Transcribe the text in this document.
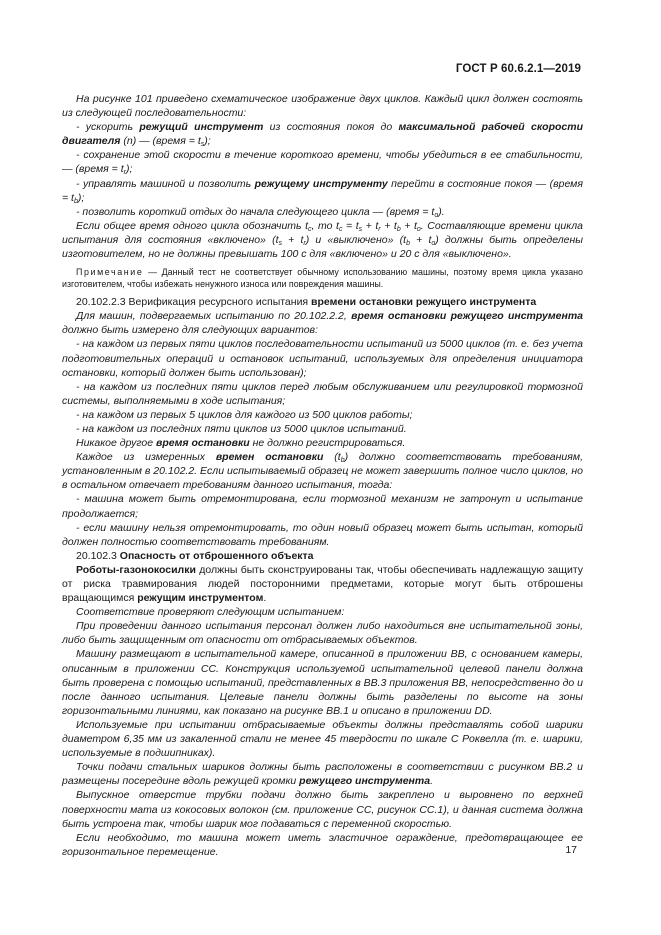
ГОСТ Р 60.6.2.1—2019

На рисунке 101 приведено схематическое изображение двух циклов. Каждый цикл должен состоять из следующей последовательности:

- ускорить режущий инструмент из состояния покоя до максимальной рабочей скорости двигателя (n) — (время = $t_s$);

- сохранение этой скорости в течение короткого времени, чтобы убедиться в ее стабильности, — (время = $t_r$);

- управлять машиной и позволить режущему инструменту перейти в состояние покоя — (время = $t_b$);

- позволить короткий отдых до начала следующего цикла — (время = $t_o$).

Если общее время одного цикла обозначить $t_c$, то $t_c = t_s + t_r + t_b + t_o$. Составляющие времени цикла испытания для состояния «включено» $(t_s + t_r)$ и «выключено» $(t_b + t_o)$ должны быть определены изготовителем, но не должны превышать 100 с для «включено» и 20 с для «выключено».

Примечание — Данный тест не соответствует обычному использованию машины, поэтому время цикла указано изготовителем, чтобы избежать ненужного износа или повреждения машины.

20.102.2.3 Верификация ресурсного испытания времени остановки режущего инструмента

Для машин, подвергаемых испытанию по 20.102.2.2, время остановки режущего инструмента должно быть измерено для следующих вариантов:

- на каждом из первых пяти циклов последовательности испытаний из 5000 циклов (т. е. без учета подготовительных операций и остановок испытаний, используемых для определения инициатора остановки, который должен быть использован);

- на каждом из последних пяти циклов перед любым обслуживанием или регулировкой тормозной системы, выполняемыми в ходе испытания;

- на каждом из первых 5 циклов для каждого из 500 циклов работы;

- на каждом из последних пяти циклов из 5000 циклов испытаний.

Никакое другое время остановки не должно регистрироваться.

Каждое из измеренных времен остановки $(t_b)$ должно соответствовать требованиям, установленным в 20.102.2. Если испытываемый образец не может завершить полное число циклов, но в остальном отвечает требованиям данного испытания, тогда:

- машина может быть отремонтирована, если тормозной механизм не затронут и испытание продолжается;

- если машину нельзя отремонтировать, то один новый образец может быть испытан, который должен полностью соответствовать требованиям.

20.102.3 Опасность от отброшенного объекта

Роботы-газонокосилки должны быть сконструированы так, чтобы обеспечивать надлежащую защиту от риска травмирования людей посторонними предметами, которые могут быть отброшены вращающимся режущим инструментом.

Соответствие проверяют следующим испытанием:

При проведении данного испытания персонал должен либо находиться вне испытательной зоны, либо быть защищенным от опасности от отбрасываемых объектов.

Машину размещают в испытательной камере, описанной в приложении ВВ, с основанием камеры, описанным в приложении СС. Конструкция используемой испытательной целевой панели должна быть проверена с помощью испытаний, представленных в ВВ.3 приложения ВВ, непосредственно до и после данного испытания. Целевые панели должны быть разделены по высоте на зоны горизонтальными линиями, как показано на рисунке ВВ.1 и описано в приложении DD.

Используемые при испытании отбрасываемые объекты должны представлять собой шарики диаметром 6,35 мм из закаленной стали не менее 45 твердости по шкале С Роквелла (т. е. шарики, используемые в подшипниках).

Точки подачи стальных шариков должны быть расположены в соответствии с рисунком ВВ.2 и размещены посередине вдоль режущей кромки режущего инструмента.

Выпускное отверстие трубки подачи должно быть закреплено и выровнено по верхней поверхности мата из кокосовых волокон (см. приложение СС, рисунок СС.1), и данная система должна быть устроена так, чтобы шарик мог подаваться с переменной скоростью.

Если необходимо, то машина может иметь эластичное ограждение, предотвращающее ее горизонтальное перемещение.	17
